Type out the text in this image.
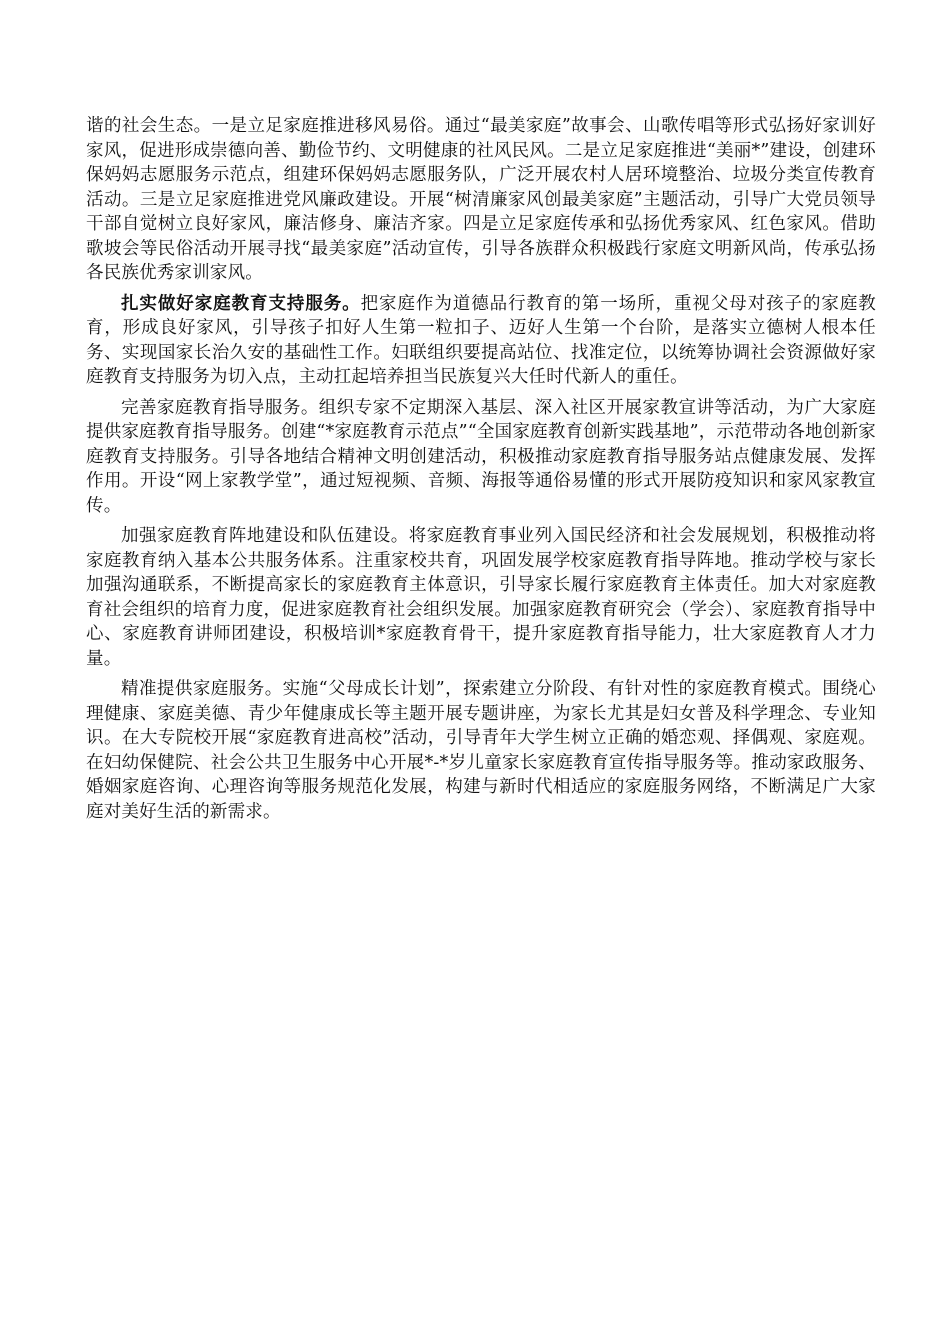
谐的社会生态。一是立足家庭推进移风易俗。通过“最美家庭”故事会、山歌传唱等形式弘扬好家训好家风，促进形成崇德向善、勤俭节约、文明健康的社风民风。二是立足家庭推进“美丽*”建设，创建环保妈妈志愿服务示范点，组建环保妈妈志愿服务队，广泛开展农村人居环境整治、垃圾分类宣传教育活动。三是立足家庭推进党风廉政建设。开展“树清廉家风创最美家庭”主题活动，引导广大党员领导干部自觉树立良好家风，廉洁修身、廉洁齐家。四是立足家庭传承和弘扬优秀家风、红色家风。借助歌坡会等民俗活动开展寻找“最美家庭”活动宣传，引导各族群众积极践行家庭文明新风尚，传承弘扬各民族优秀家训家风。

扎实做好家庭教育支持服务。把家庭作为道德品行教育的第一场所，重视父母对孩子的家庭教育，形成良好家风，引导孩子扣好人生第一粒扣子、迈好人生第一个台阶，是落实立德树人根本任务、实现国家长治久安的基础性工作。妇联组织要提高站位、找准定位，以统筹协调社会资源做好家庭教育支持服务为切入点，主动扛起培养担当民族复兴大任时代新人的重任。

完善家庭教育指导服务。组织专家不定期深入基层、深入社区开展家教宣讲等活动，为广大家庭提供家庭教育指导服务。创建“*家庭教育示范点”“全国家庭教育创新实践基地”，示范带动各地创新家庭教育支持服务。引导各地结合精神文明创建活动，积极推动家庭教育指导服务站点健康发展、发挥作用。开设“网上家教学堂”，通过短视频、音频、海报等通俗易懂的形式开展防疫知识和家风家教宣传。

加强家庭教育阵地建设和队伍建设。将家庭教育事业列入国民经济和社会发展规划，积极推动将家庭教育纳入基本公共服务体系。注重家校共育，巩固发展学校家庭教育指导阵地。推动学校与家长加强沟通联系，不断提高家长的家庭教育主体意识，引导家长履行家庭教育主体责任。加大对家庭教育社会组织的培育力度，促进家庭教育社会组织发展。加强家庭教育研究会（学会）、家庭教育指导中心、家庭教育讲师团建设，积极培训*家庭教育骨干，提升家庭教育指导能力，壮大家庭教育人才力量。

精准提供家庭服务。实施“父母成长计划”，探索建立分阶段、有针对性的家庭教育模式。围绕心理健康、家庭美德、青少年健康成长等主题开展专题讲座，为家长尤其是妇女普及科学理念、专业知识。在大专院校开展“家庭教育进高校”活动，引导青年大学生树立正确的婚恋观、择偶观、家庭观。在妇幼保健院、社会公共卫生服务中心开展*-*岁儿童家长家庭教育宣传指导服务等。推动家政服务、婚姻家庭咨询、心理咨询等服务规范化发展，构建与新时代相适应的家庭服务网络，不断满足广大家庭对美好生活的新需求。
